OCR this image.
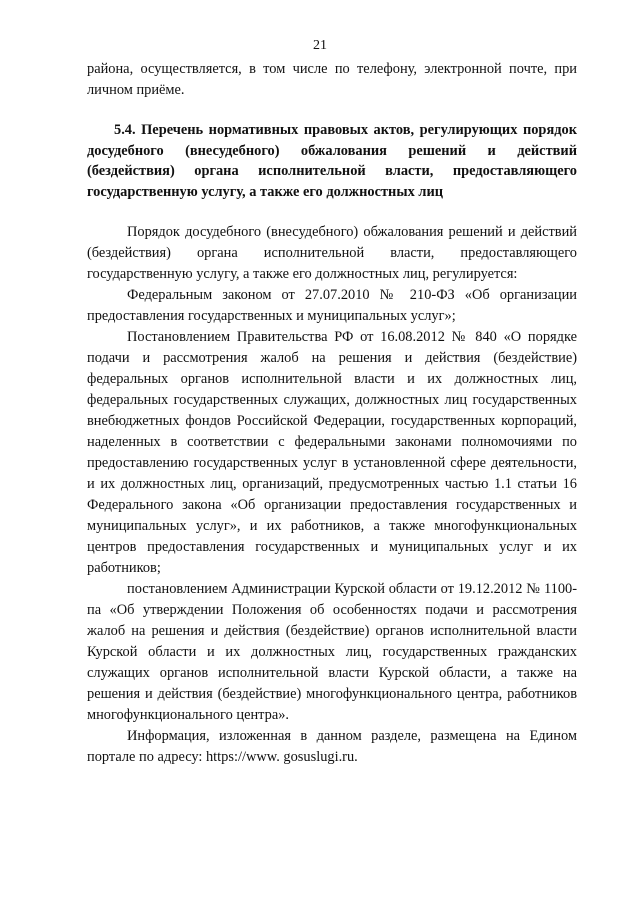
21

района, осуществляется, в том числе по телефону, электронной почте, при личном приёме.

5.4. Перечень нормативных правовых актов, регулирующих порядок досудебного (внесудебного) обжалования решений и действий (бездействия) органа исполнительной власти, предоставляющего государственную услугу, а также его должностных лиц

Порядок досудебного (внесудебного) обжалования решений и действий (бездействия) органа исполнительной власти, предоставляющего государственную услугу, а также его должностных лиц, регулируется:

Федеральным законом от 27.07.2010 № 210-ФЗ «Об организации предоставления государственных и муниципальных услуг»;

Постановлением Правительства РФ от 16.08.2012 № 840 «О порядке подачи и рассмотрения жалоб на решения и действия (бездействие) федеральных органов исполнительной власти и их должностных лиц, федеральных государственных служащих, должностных лиц государственных внебюджетных фондов Российской Федерации, государственных корпораций, наделенных в соответствии с федеральными законами полномочиями по предоставлению государственных услуг в установленной сфере деятельности, и их должностных лиц, организаций, предусмотренных частью 1.1 статьи 16 Федерального закона «Об организации предоставления государственных и муниципальных услуг», и их работников, а также многофункциональных центров предоставления государственных и муниципальных услуг и их работников;

постановлением Администрации Курской области от 19.12.2012 № 1100-па «Об утверждении Положения об особенностях подачи и рассмотрения жалоб на решения и действия (бездействие) органов исполнительной власти Курской области и их должностных лиц, государственных гражданских служащих органов исполнительной власти Курской области, а также на решения и действия (бездействие) многофункционального центра, работников многофункционального центра».

Информация, изложенная в данном разделе, размещена на Едином портале по адресу: https://www. gosuslugi.ru.
